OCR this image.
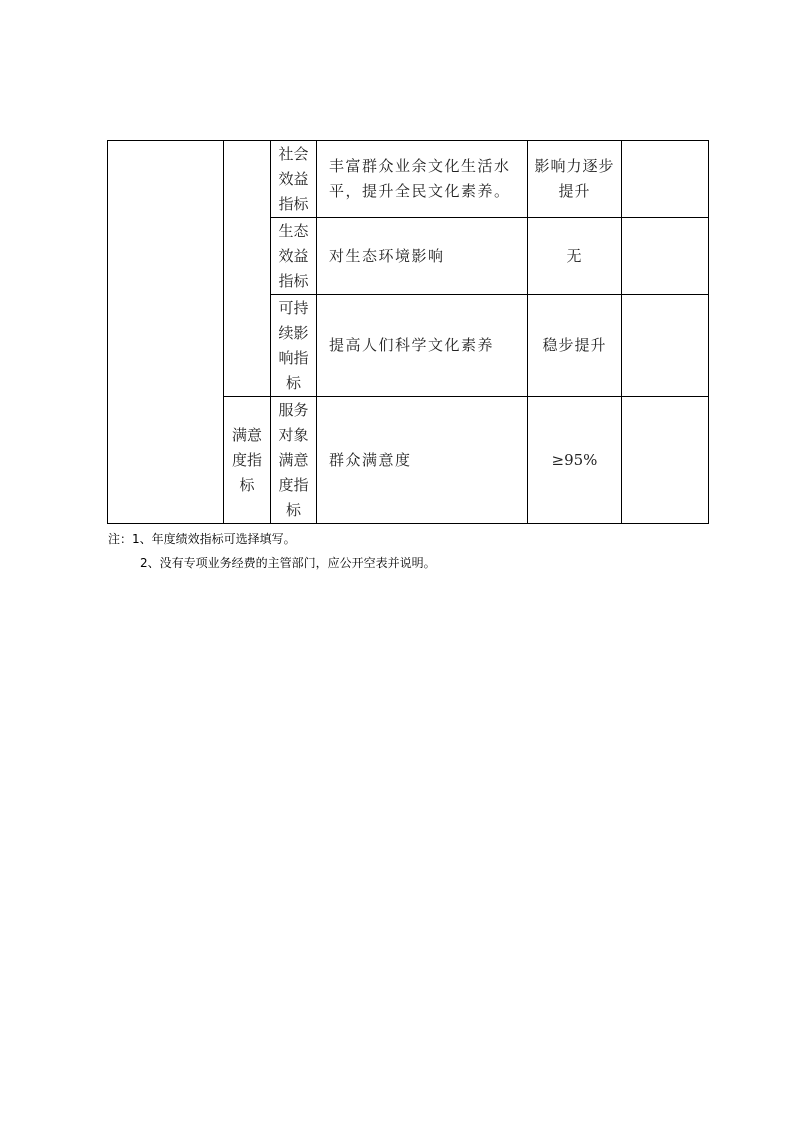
		社会效益指标	丰富群众业余文化生活水平，提升全民文化素养。	影响力逐步提升	

		生态效益指标	对生态环境影响	无	

		可持续影响指标	提高人们科学文化素养	稳步提升	

	满意度指标	服务对象满意度指标	群众满意度	≥95%	

注：1、年度绩效指标可选择填写。
2、没有专项业务经费的主管部门，应公开空表并说明。
